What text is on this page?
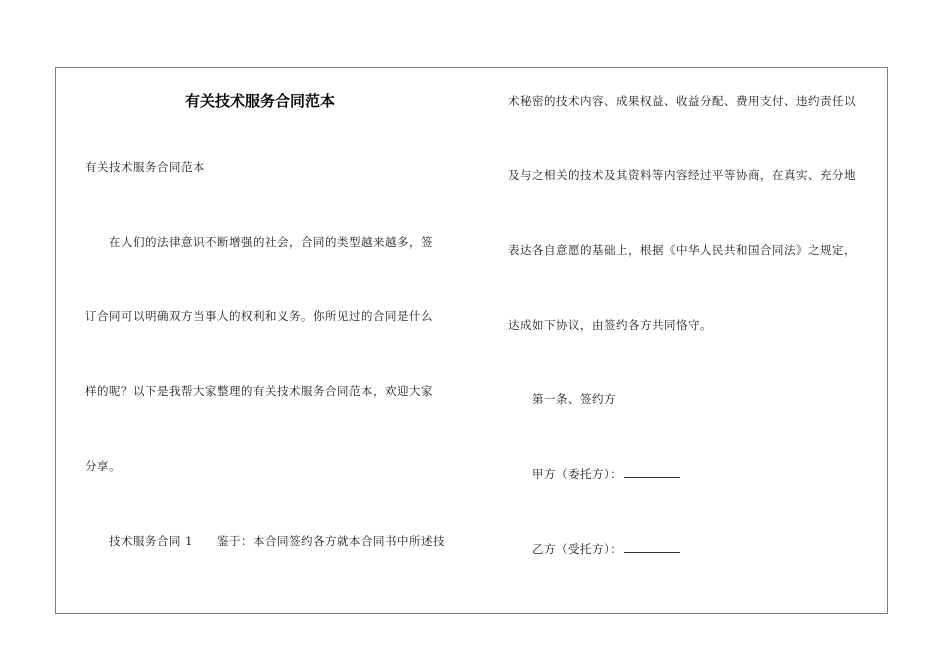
有关技术服务合同范本
有关技术服务合同范本
　　在人们的法律意识不断增强的社会，合同的类型越来越多，签
订合同可以明确双方当事人的权利和义务。你所见过的合同是什么
样的呢？以下是我帮大家整理的有关技术服务合同范本，欢迎大家
分享。
　　技术服务合同 1　　鉴于：本合同签约各方就本合同书中所述技
术秘密的技术内容、成果权益、收益分配、费用支付、违约责任以
及与之相关的技术及其资料等内容经过平等协商，在真实、充分地
表达各自意愿的基础上，根据《中华人民共和国合同法》之规定，
达成如下协议，由签约各方共同恪守。
　　第一条、签约方
　　甲方（委托方）：
　　乙方（受托方）：
